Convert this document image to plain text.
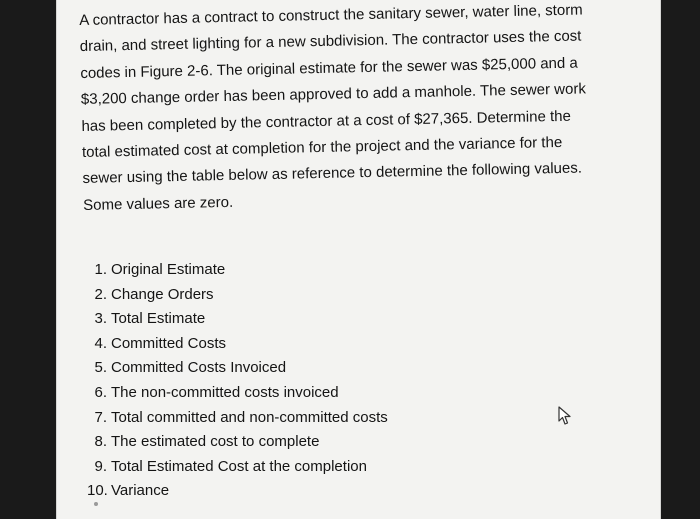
A contractor has a contract to construct the sanitary sewer, water line, storm drain, and street lighting for a new subdivision. The contractor uses the cost codes in Figure 2-6. The original estimate for the sewer was $25,000 and a $3,200 change order has been approved to add a manhole. The sewer work has been completed by the contractor at a cost of $27,365. Determine the total estimated cost at completion for the project and the variance for the sewer using the table below as reference to determine the following values. Some values are zero.

1. Original Estimate
2. Change Orders
3. Total Estimate
4. Committed Costs
5. Committed Costs Invoiced
6. The non-committed costs invoiced
7. Total committed and non-committed costs
8. The estimated cost to complete
9. Total Estimated Cost at the completion
10. Variance
